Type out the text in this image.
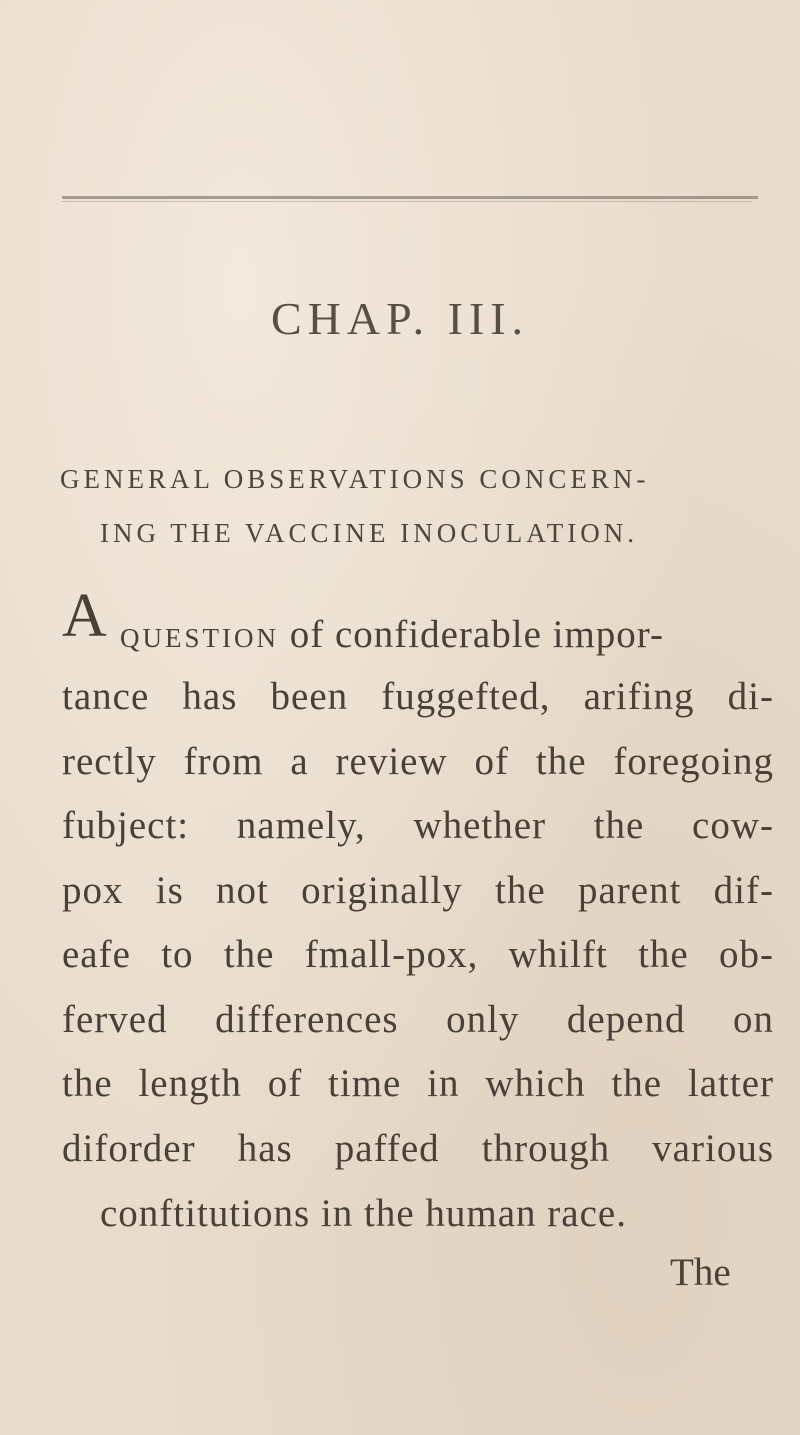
CHAP. III.
GENERAL OBSERVATIONS CONCERN-
ING THE VACCINE INOCULATION.
A QUESTION of confiderable impor-
tance has been fuggefted, arifing di-
rectly from a review of the foregoing
fubject: namely, whether the cow-
pox is not originally the parent dif-
eafe to the fmall-pox, whilft the ob-
ferved differences only depend on
the length of time in which the latter
diforder has paffed through various
conftitutions in the human race.
The
